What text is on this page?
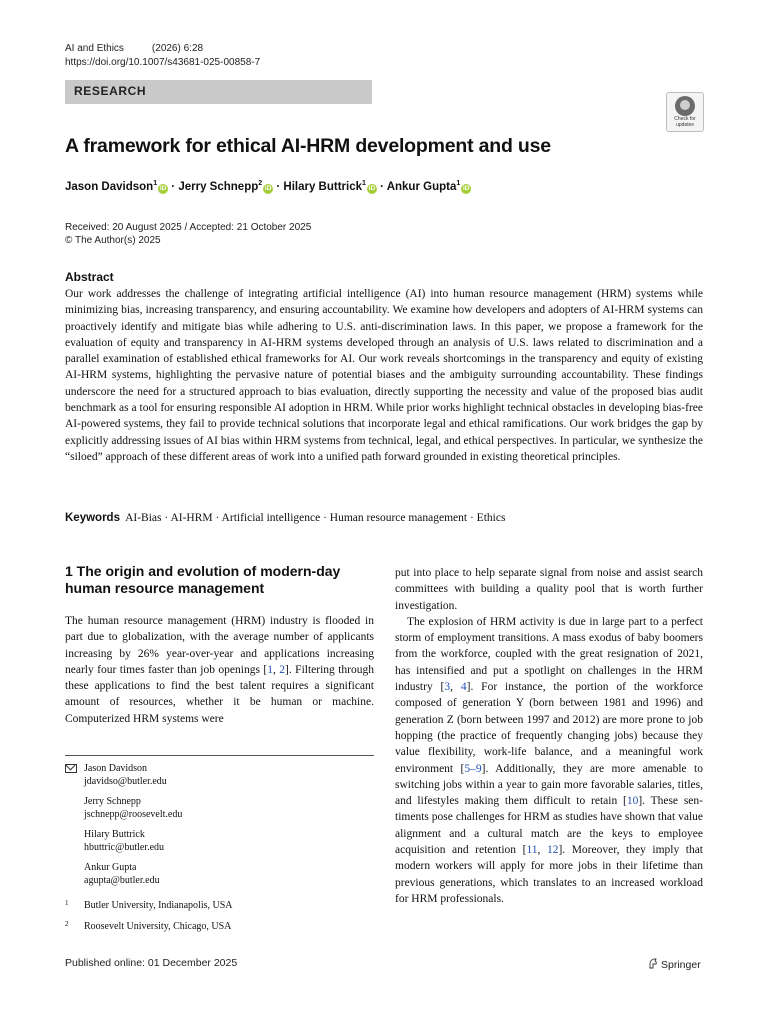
AI and Ethics	(2026) 6:28
https://doi.org/10.1007/s43681-025-00858-7
RESEARCH
Check for
updates
A framework for ethical AI-HRM development and use
Jason Davidson$^1$iD · Jerry Schnepp$^2$iD · Hilary Buttrick$^1$iD · Ankur Gupta$^1$iD
Received: 20 August 2025 / Accepted: 21 October 2025
© The Author(s) 2025
Abstract
Our work addresses the challenge of integrating artificial intelligence (AI) into human resource management (HRM) systems while minimizing bias, increasing transparency, and ensuring accountability. We examine how developers and adopters of AI-HRM systems can proactively identify and mitigate bias while adhering to U.S. anti-discrimination laws. In this paper, we propose a framework for the evaluation of equity and transparency in AI-HRM systems developed through an analysis of U.S. laws related to discrimination and a parallel examination of established ethical frameworks for AI. Our work reveals shortcomings in the transparency and equity of existing AI-HRM systems, highlighting the pervasive nature of potential biases and the ambiguity surrounding accountability. These findings underscore the need for a structured approach to bias evaluation, directly supporting the necessity and value of the proposed bias audit benchmark as a tool for ensuring responsible AI adoption in HRM. While prior works highlight technical obstacles in developing bias-free AI-powered systems, they fail to provide technical solutions that incorporate legal and ethical ramifications. Our work bridges the gap by explicitly addressing issues of AI bias within HRM systems from technical, legal, and ethical perspectives. In particular, we synthesize the “siloed” approach of these different areas of work into a unified path forward grounded in existing theoretical principles.
Keywords AI-Bias · AI-HRM · Artificial intelligence · Human resource management · Ethics
1 The origin and evolution of modern-day human resource management

The human resource management (HRM) industry is flooded in part due to globalization, with the average number of applicants increasing by 26% year-over-year and applications increasing nearly four times faster than job openings [1, 2]. Filtering through these applications to find the best talent requires a significant amount of resources, whether it be human or machine. Computerized HRM systems were

Jason Davidson
jdavidso@butler.edu
Jerry Schnepp
jschnepp@roosevelt.edu
Hilary Buttrick
hbuttric@butler.edu
Ankur Gupta
agupta@butler.edu
1 Butler University, Indianapolis, USA
2 Roosevelt University, Chicago, USA

put into place to help separate signal from noise and assist search committees with building a quality pool that is worth further investigation.

The explosion of HRM activity is due in large part to a perfect storm of employment transitions. A mass exodus of baby boomers from the workforce, coupled with the great resignation of 2021, has intensified and put a spotlight on challenges in the HRM industry [3, 4]. For instance, the portion of the workforce composed of generation Y (born between 1981 and 1996) and generation Z (born between 1997 and 2012) are more prone to job hopping (the practice of frequently changing jobs) because they value flexibility, work-life balance, and a meaningful work environment [5–9]. Additionally, they are more amenable to switching jobs within a year to gain more favorable salaries, titles, and lifestyles making them difficult to retain [10]. These sentiments pose challenges for HRM as studies have shown that value alignment and a cultural match are the keys to employee acquisition and retention [11, 12]. Moreover, they imply that modern workers will apply for more jobs in their lifetime than previous generations, which translates to an increased workload for HRM professionals.

Published online: 01 December 2025	Springer
